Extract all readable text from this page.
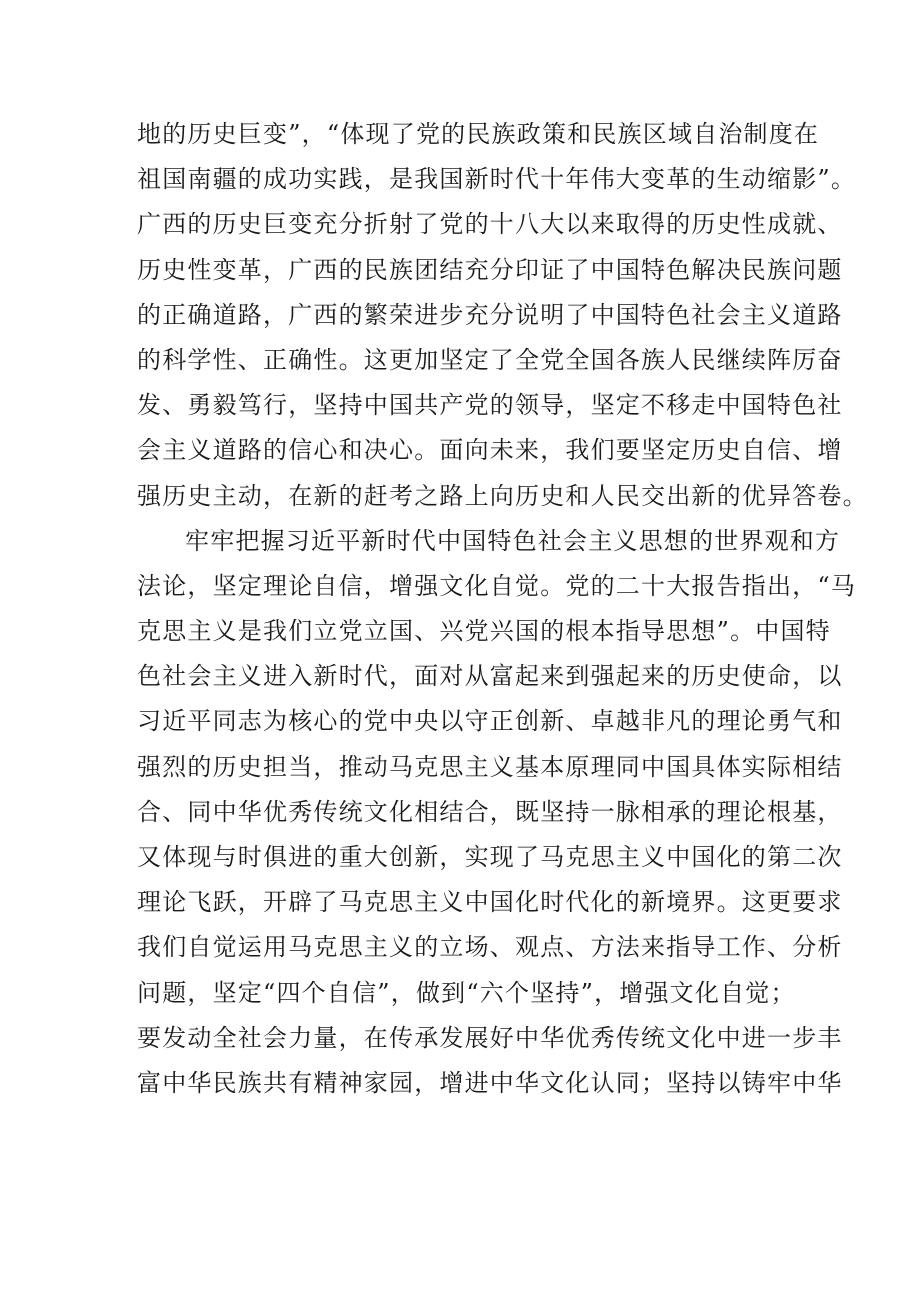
地的历史巨变”，“体现了党的民族政策和民族区域自治制度在
祖国南疆的成功实践，是我国新时代十年伟大变革的生动缩影”。
广西的历史巨变充分折射了党的十八大以来取得的历史性成就、
历史性变革，广西的民族团结充分印证了中国特色解决民族问题
的正确道路，广西的繁荣进步充分说明了中国特色社会主义道路
的科学性、正确性。这更加坚定了全党全国各族人民继续阵厉奋
发、勇毅笃行，坚持中国共产党的领导，坚定不移走中国特色社
会主义道路的信心和决心。面向未来，我们要坚定历史自信、增
强历史主动，在新的赶考之路上向历史和人民交出新的优异答卷。
牢牢把握习近平新时代中国特色社会主义思想的世界观和方
法论，坚定理论自信，增强文化自觉。党的二十大报告指出，“马
克思主义是我们立党立国、兴党兴国的根本指导思想”。中国特
色社会主义进入新时代，面对从富起来到强起来的历史使命，以
习近平同志为核心的党中央以守正创新、卓越非凡的理论勇气和
强烈的历史担当，推动马克思主义基本原理同中国具体实际相结
合、同中华优秀传统文化相结合，既坚持一脉相承的理论根基，
又体现与时俱进的重大创新，实现了马克思主义中国化的第二次
理论飞跃，开辟了马克思主义中国化时代化的新境界。这更要求
我们自觉运用马克思主义的立场、观点、方法来指导工作、分析
问题，坚定“四个自信”，做到“六个坚持”，增强文化自觉；
要发动全社会力量，在传承发展好中华优秀传统文化中进一步丰
富中华民族共有精神家园，增进中华文化认同；坚持以铸牢中华
